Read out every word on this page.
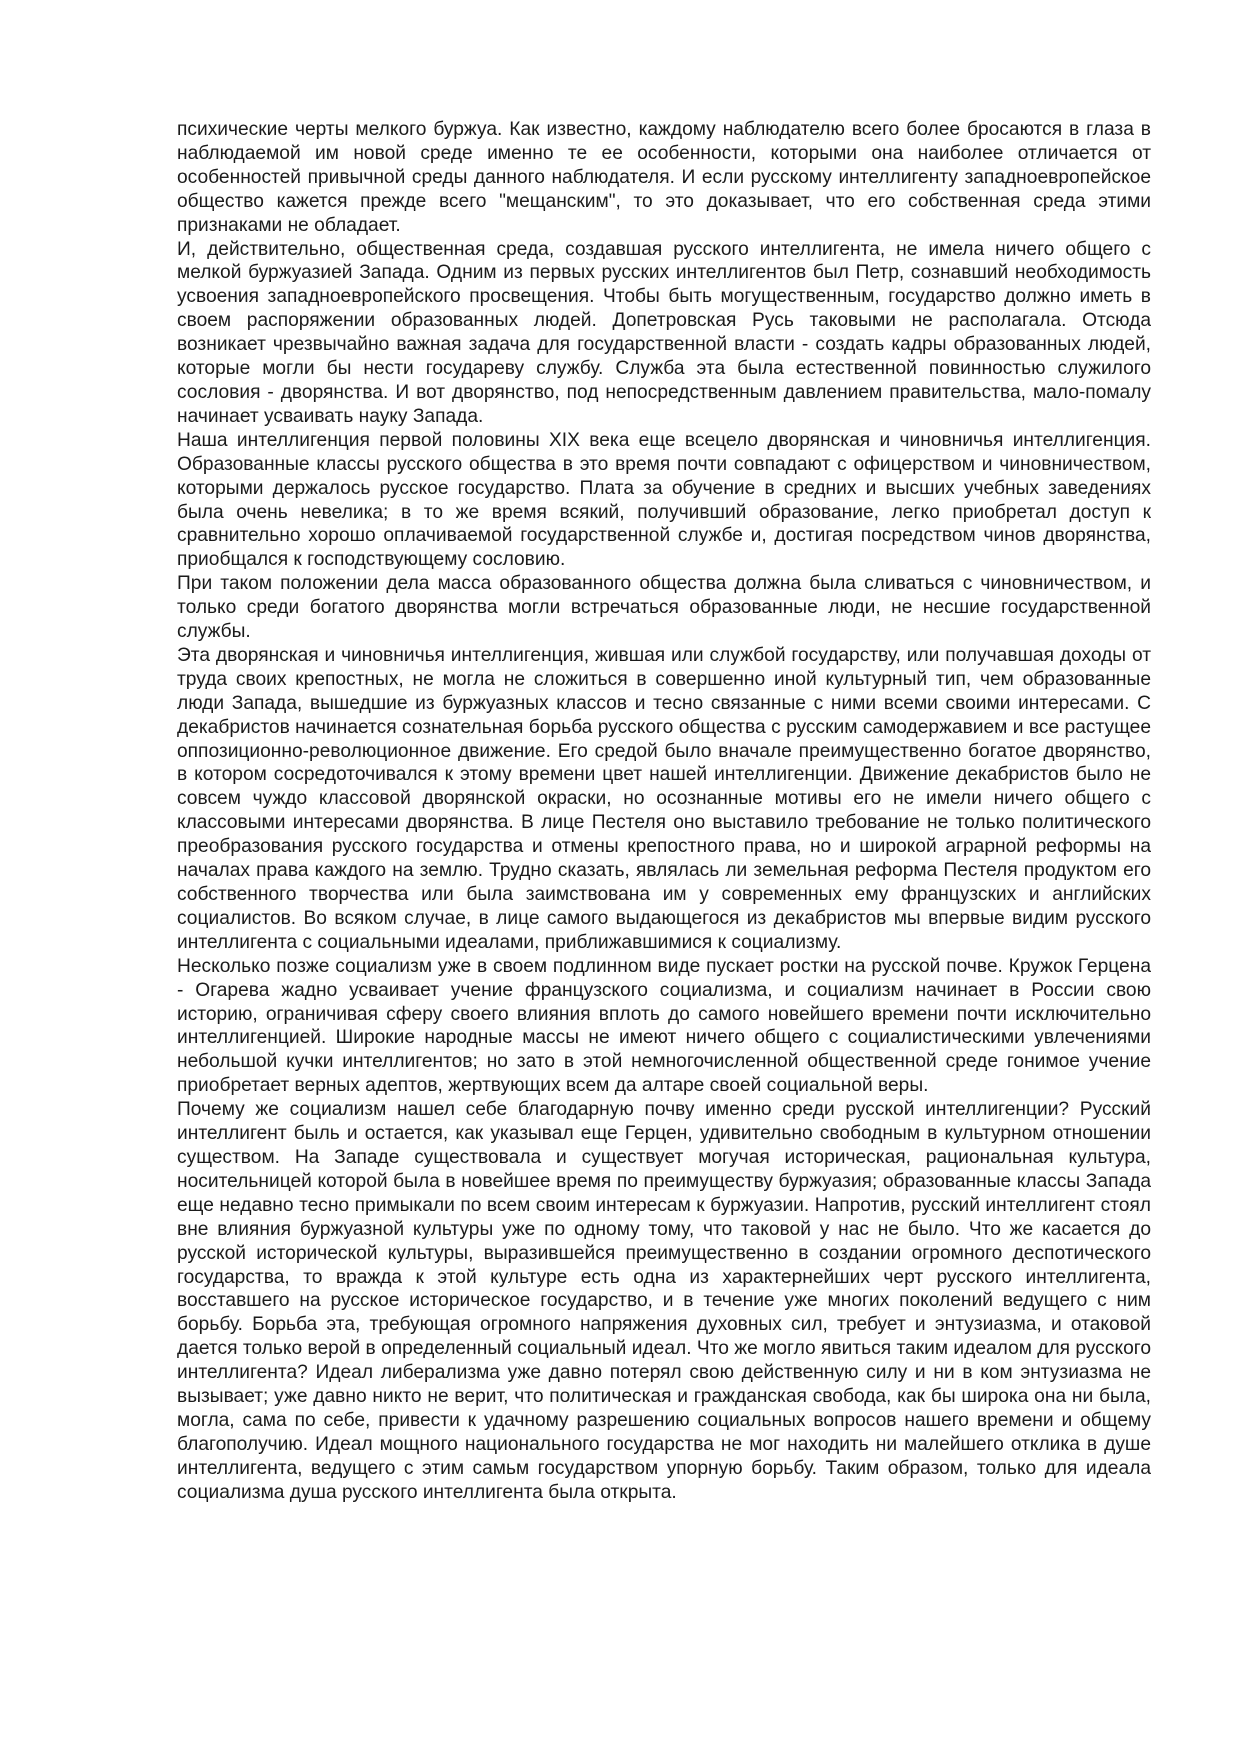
психические черты мелкого буржуа. Как известно, каждому наблюдателю всего более бросаются в глаза в наблюдаемой им новой среде именно те ее особенности, которыми она наиболее отличается от особенностей привычной среды данного наблюдателя. И если русскому интеллигенту западноевропейское общество кажется прежде всего "мещанским", то это доказывает, что его собственная среда этими признаками не обладает.

И, действительно, общественная среда, создавшая русского интеллигента, не имела ничего общего с мелкой буржуазией Запада. Одним из первых русских интеллигентов был Петр, сознавший необходимость усвоения западноевропейского просвещения. Чтобы быть могущественным, государство должно иметь в своем распоряжении образованных людей. Допетровская Русь таковыми не располагала. Отсюда возникает чрезвычайно важная задача для государственной власти - создать кадры образованных людей, которые могли бы нести государеву службу. Служба эта была естественной повинностью служилого сословия - дворянства. И вот дворянство, под непосредственным давлением правительства, мало-помалу начинает усваивать науку Запада.

Наша интеллигенция первой половины XIX века еще всецело дворянская и чиновничья интеллигенция. Образованные классы русского общества в это время почти совпадают с офицерством и чиновничеством, которыми держалось русское государство. Плата за обучение в средних и высших учебных заведениях была очень невелика; в то же время всякий, получивший образование, легко приобретал доступ к сравнительно хорошо оплачиваемой государственной службе и, достигая посредством чинов дворянства, приобщался к господствующему сословию.

При таком положении дела масса образованного общества должна была сливаться с чиновничеством, и только среди богатого дворянства могли встречаться образованные люди, не несшие государственной службы.

Эта дворянская и чиновничья интеллигенция, жившая или службой государству, или получавшая доходы от труда своих крепостных, не могла не сложиться в совершенно иной культурный тип, чем образованные люди Запада, вышедшие из буржуазных классов и тесно связанные с ними всеми своими интересами. С декабристов начинается сознательная борьба русского общества с русским самодержавием и все растущее оппозиционно-революционное движение. Его средой было вначале преимущественно богатое дворянство, в котором сосредоточивался к этому времени цвет нашей интеллигенции. Движение декабристов было не совсем чуждо классовой дворянской окраски, но осознанные мотивы его не имели ничего общего с классовыми интересами дворянства. В лице Пестеля оно выставило требование не только политического преобразования русского государства и отмены крепостного права, но и широкой аграрной реформы на началах права каждого на землю. Трудно сказать, являлась ли земельная реформа Пестеля продуктом его собственного творчества или была заимствована им у современных ему французских и английских социалистов. Во всяком случае, в лице самого выдающегося из декабристов мы впервые видим русского интеллигента с социальными идеалами, приближавшимися к социализму.

Несколько позже социализм уже в своем подлинном виде пускает ростки на русской почве. Кружок Герцена - Огарева жадно усваивает учение французского социализма, и социализм начинает в России свою историю, ограничивая сферу своего влияния вплоть до самого новейшего времени почти исключительно интеллигенцией. Широкие народные массы не имеют ничего общего с социалистическими увлечениями небольшой кучки интеллигентов; но зато в этой немногочисленной общественной среде гонимое учение приобретает верных адептов, жертвующих всем да алтаре своей социальной веры.

Почему же социализм нашел себе благодарную почву именно среди русской интеллигенции? Русский интеллигент быль и остается, как указывал еще Герцен, удивительно свободным в культурном отношении существом. На Западе существовала и существует могучая историческая, рациональная культура, носительницей которой была в новейшее время по преимуществу буржуазия; образованные классы Запада еще недавно тесно примыкали по всем своим интересам к буржуазии. Напротив, русский интеллигент стоял вне влияния буржуазной культуры уже по одному тому, что таковой у нас не было. Что же касается до русской исторической культуры, выразившейся преимущественно в создании огромного деспотического государства, то вражда к этой культуре есть одна из характернейших черт русского интеллигента, восставшего на русское историческое государство, и в течение уже многих поколений ведущего с ним борьбу. Борьба эта, требующая огромного напряжения духовных сил, требует и энтузиазма, и отаковой дается только верой в определенный социальный идеал. Что же могло явиться таким идеалом для русского интеллигента? Идеал либерализма уже давно потерял свою действенную силу и ни в ком энтузиазма не вызывает; уже давно никто не верит, что политическая и гражданская свобода, как бы широка она ни была, могла, сама по себе, привести к удачному разрешению социальных вопросов нашего времени и общему благополучию. Идеал мощного национального государства не мог находить ни малейшего отклика в душе интеллигента, ведущего с этим самьм государством упорную борьбу. Таким образом, только для идеала социализма душа русского интеллигента была открыта.
